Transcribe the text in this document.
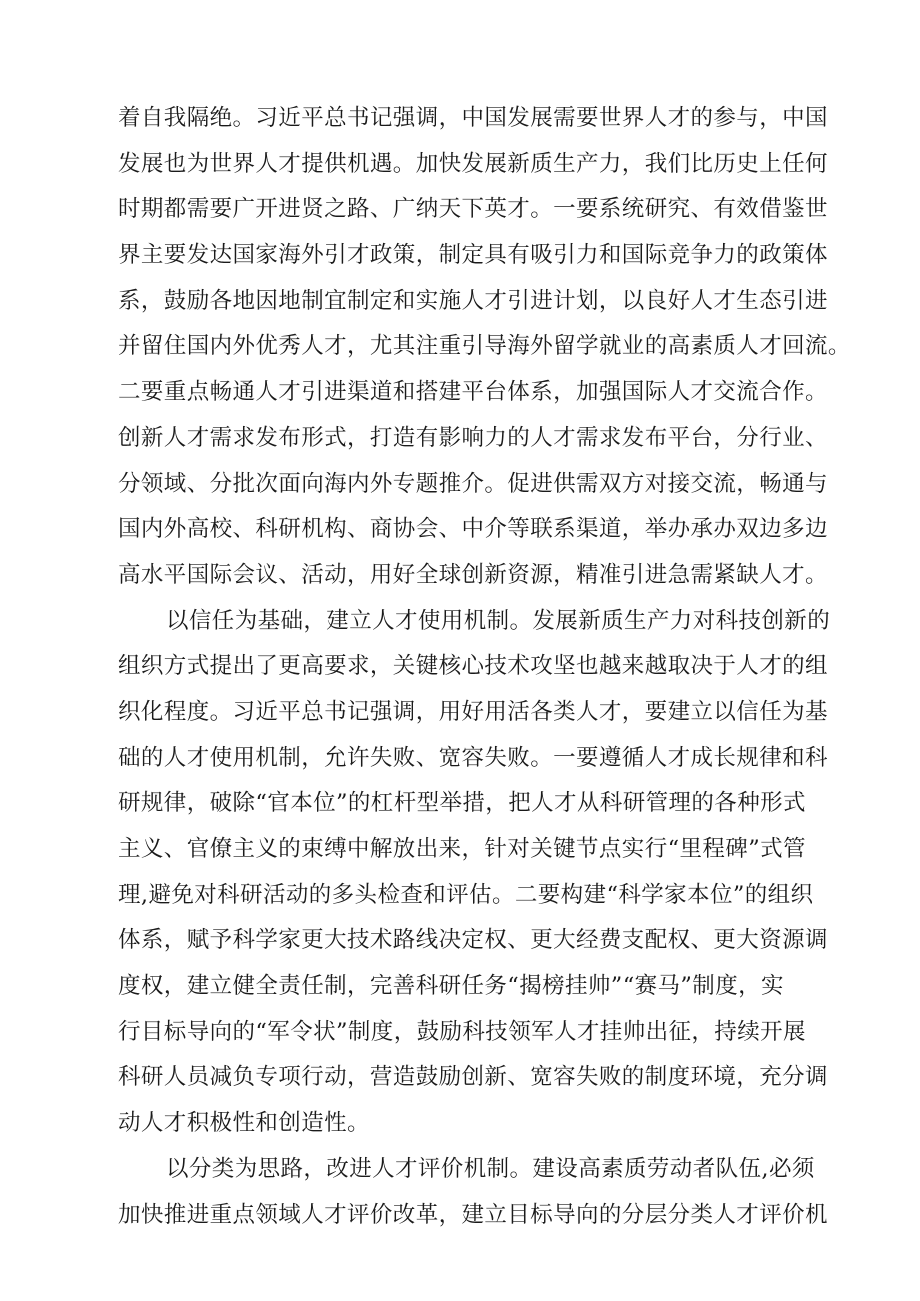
着自我隔绝。习近平总书记强调，中国发展需要世界人才的参与，中国
发展也为世界人才提供机遇。加快发展新质生产力，我们比历史上任何
时期都需要广开进贤之路、广纳天下英才。一要系统研究、有效借鉴世
界主要发达国家海外引才政策，制定具有吸引力和国际竞争力的政策体
系，鼓励各地因地制宜制定和实施人才引进计划，以良好人才生态引进
并留住国内外优秀人才，尤其注重引导海外留学就业的高素质人才回流。
二要重点畅通人才引进渠道和搭建平台体系，加强国际人才交流合作。
创新人才需求发布形式，打造有影响力的人才需求发布平台，分行业、
分领域、分批次面向海内外专题推介。促进供需双方对接交流，畅通与
国内外高校、科研机构、商协会、中介等联系渠道，举办承办双边多边
高水平国际会议、活动，用好全球创新资源，精准引进急需紧缺人才。
以信任为基础，建立人才使用机制。发展新质生产力对科技创新的
组织方式提出了更高要求，关键核心技术攻坚也越来越取决于人才的组
织化程度。习近平总书记强调，用好用活各类人才，要建立以信任为基
础的人才使用机制，允许失败、宽容失败。一要遵循人才成长规律和科
研规律，破除“官本位”的杠杆型举措，把人才从科研管理的各种形式
主义、官僚主义的束缚中解放出来，针对关键节点实行“里程碑”式管
理,避免对科研活动的多头检查和评估。二要构建“科学家本位”的组织
体系，赋予科学家更大技术路线决定权、更大经费支配权、更大资源调
度权，建立健全责任制，完善科研任务“揭榜挂帅”“赛马”制度，实
行目标导向的“军令状”制度，鼓励科技领军人才挂帅出征，持续开展
科研人员减负专项行动，营造鼓励创新、宽容失败的制度环境，充分调
动人才积极性和创造性。
以分类为思路，改进人才评价机制。建设高素质劳动者队伍,必须
加快推进重点领域人才评价改革，建立目标导向的分层分类人才评价机
